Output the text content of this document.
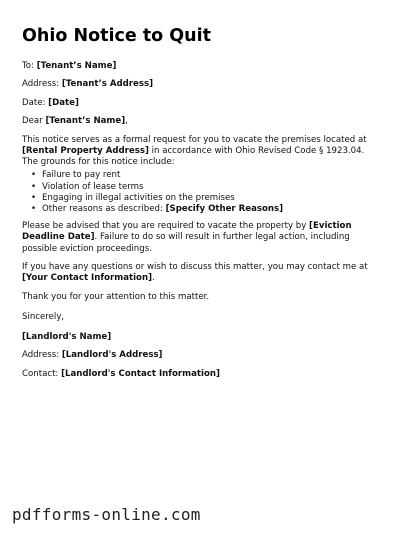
Ohio Notice to Quit

To: [Tenant’s Name]

Address: [Tenant’s Address]

Date: [Date]

Dear [Tenant’s Name],

This notice serves as a formal request for you to vacate the premises located at [Rental Property Address] in accordance with Ohio Revised Code § 1923.04. The grounds for this notice include:

• Failure to pay rent
• Violation of lease terms
• Engaging in illegal activities on the premises
• Other reasons as described: [Specify Other Reasons]

Please be advised that you are required to vacate the property by [Eviction Deadline Date]. Failure to do so will result in further legal action, including possible eviction proceedings.

If you have any questions or wish to discuss this matter, you may contact me at [Your Contact Information].

Thank you for your attention to this matter.

Sincerely,

[Landlord's Name]

Address: [Landlord's Address]

Contact: [Landlord's Contact Information]

pdfforms-online.com
